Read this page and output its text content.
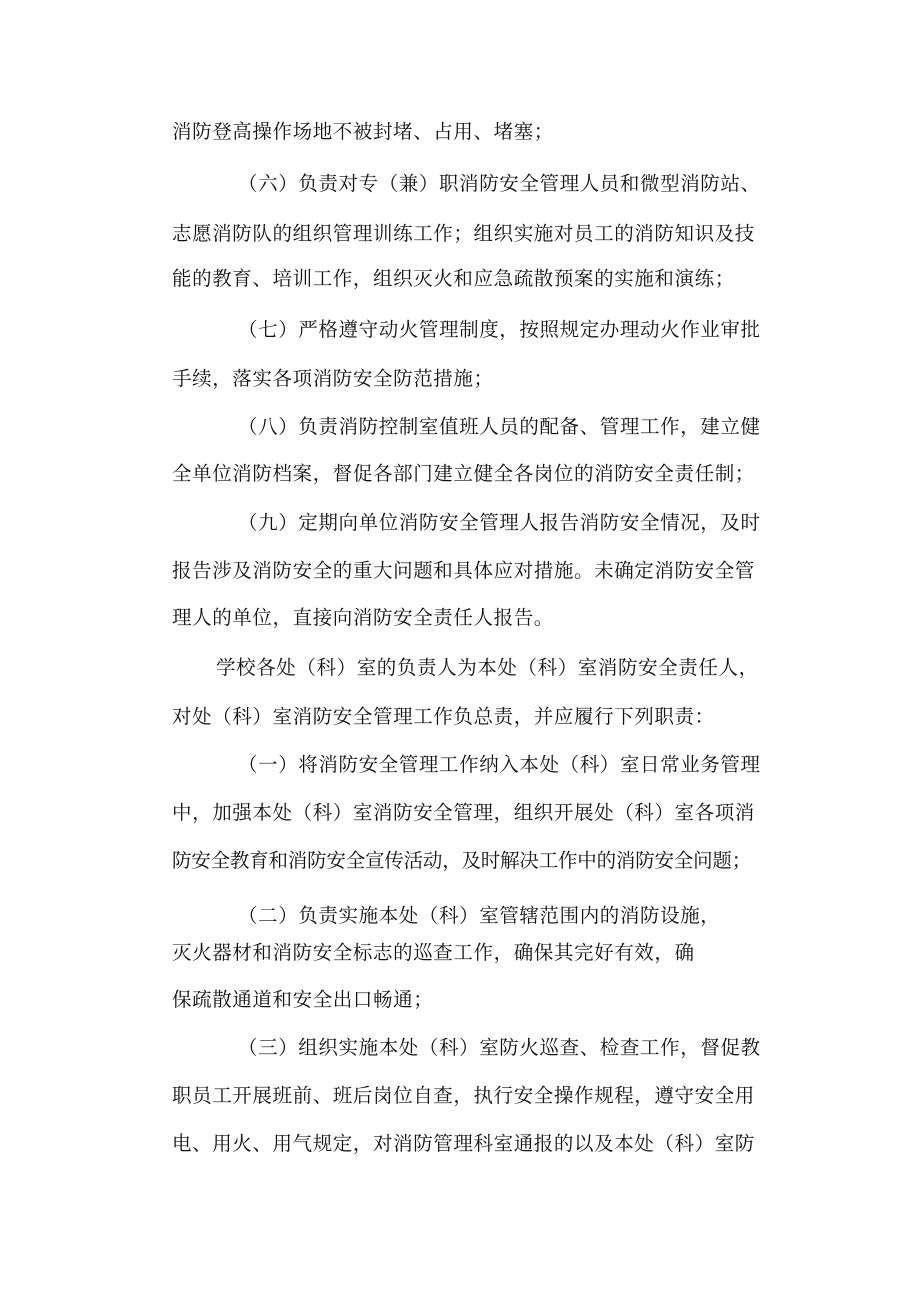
消防登高操作场地不被封堵、占用、堵塞；

（六）负责对专（兼）职消防安全管理人员和微型消防站、

志愿消防队的组织管理训练工作；组织实施对员工的消防知识及技

能的教育、培训工作，组织灭火和应急疏散预案的实施和演练；

（七）严格遵守动火管理制度，按照规定办理动火作业审批

手续，落实各项消防安全防范措施；

（八）负责消防控制室值班人员的配备、管理工作，建立健

全单位消防档案，督促各部门建立健全各岗位的消防安全责任制；

（九）定期向单位消防安全管理人报告消防安全情况，及时

报告涉及消防安全的重大问题和具体应对措施。未确定消防安全管

理人的单位，直接向消防安全责任人报告。

学校各处（科）室的负责人为本处（科）室消防安全责任人，

对处（科）室消防安全管理工作负总责，并应履行下列职责：

（一）将消防安全管理工作纳入本处（科）室日常业务管理

中，加强本处（科）室消防安全管理，组织开展处（科）室各项消

防安全教育和消防安全宣传活动，及时解决工作中的消防安全问题；

（二）负责实施本处（科）室管辖范围内的消防设施，

灭火器材和消防安全标志的巡查工作，确保其完好有效，确

保疏散通道和安全出口畅通；

（三）组织实施本处（科）室防火巡查、检查工作，督促教

职员工开展班前、班后岗位自查，执行安全操作规程，遵守安全用

电、用火、用气规定，对消防管理科室通报的以及本处（科）室防
